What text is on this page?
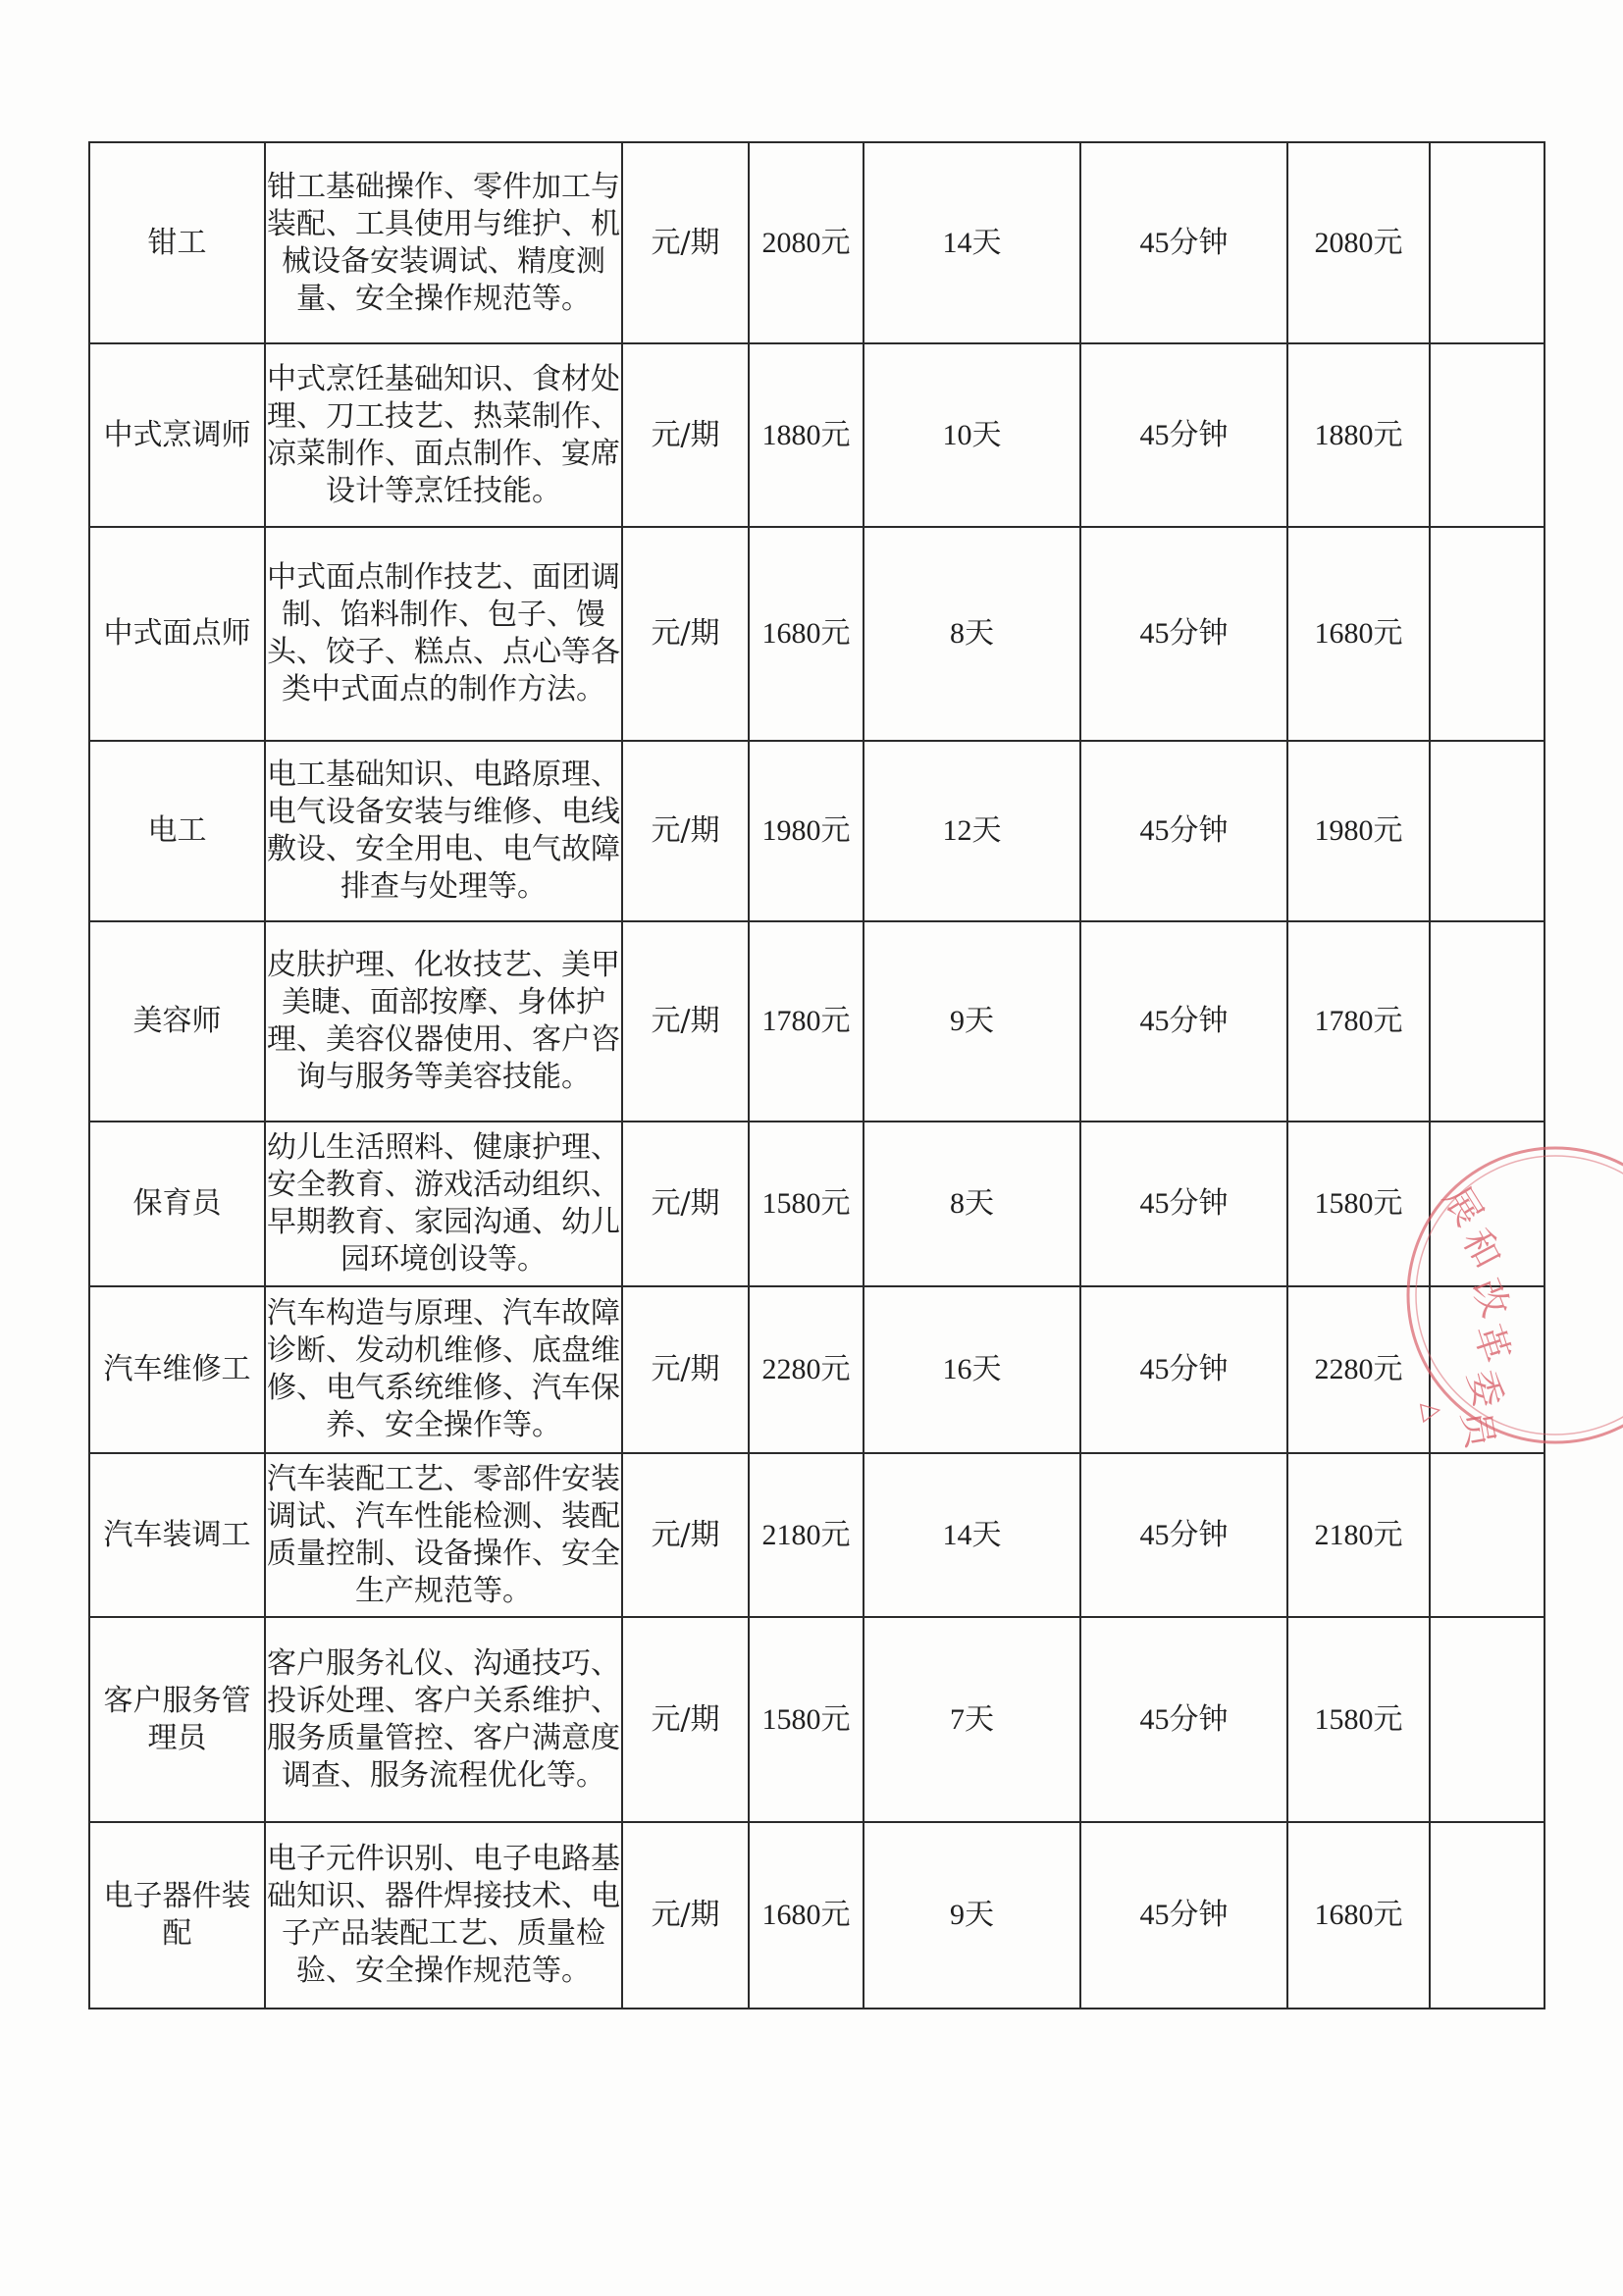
钳工	钳工基础操作、零件加工与装配、工具使用与维护、机械设备安装调试、精度测量、安全操作规范等。	元/期	2080元	14天	45分钟	2080元	
中式烹调师	中式烹饪基础知识、食材处理、刀工技艺、热菜制作、凉菜制作、面点制作、宴席设计等烹饪技能。	元/期	1880元	10天	45分钟	1880元	
中式面点师	中式面点制作技艺、面团调制、馅料制作、包子、馒头、饺子、糕点、点心等各类中式面点的制作方法。	元/期	1680元	8天	45分钟	1680元	
电工	电工基础知识、电路原理、电气设备安装与维修、电线敷设、安全用电、电气故障排查与处理等。	元/期	1980元	12天	45分钟	1980元	
美容师	皮肤护理、化妆技艺、美甲美睫、面部按摩、身体护理、美容仪器使用、客户咨询与服务等美容技能。	元/期	1780元	9天	45分钟	1780元	
保育员	幼儿生活照料、健康护理、安全教育、游戏活动组织、早期教育、家园沟通、幼儿园环境创设等。	元/期	1580元	8天	45分钟	1580元	
汽车维修工	汽车构造与原理、汽车故障诊断、发动机维修、底盘维修、电气系统维修、汽车保养、安全操作等。	元/期	2280元	16天	45分钟	2280元	
汽车装调工	汽车装配工艺、零部件安装调试、汽车性能检测、装配质量控制、设备操作、安全生产规范等。	元/期	2180元	14天	45分钟	2180元	
客户服务管理员	客户服务礼仪、沟通技巧、投诉处理、客户关系维护、服务质量管控、客户满意度调查、服务流程优化等。	元/期	1580元	7天	45分钟	1580元	
电子器件装配	电子元件识别、电子电路基础知识、器件焊接技术、电子产品装配工艺、质量检验、安全操作规范等。	元/期	1680元	9天	45分钟	1680元	
展
和
改
革
委
员
△
